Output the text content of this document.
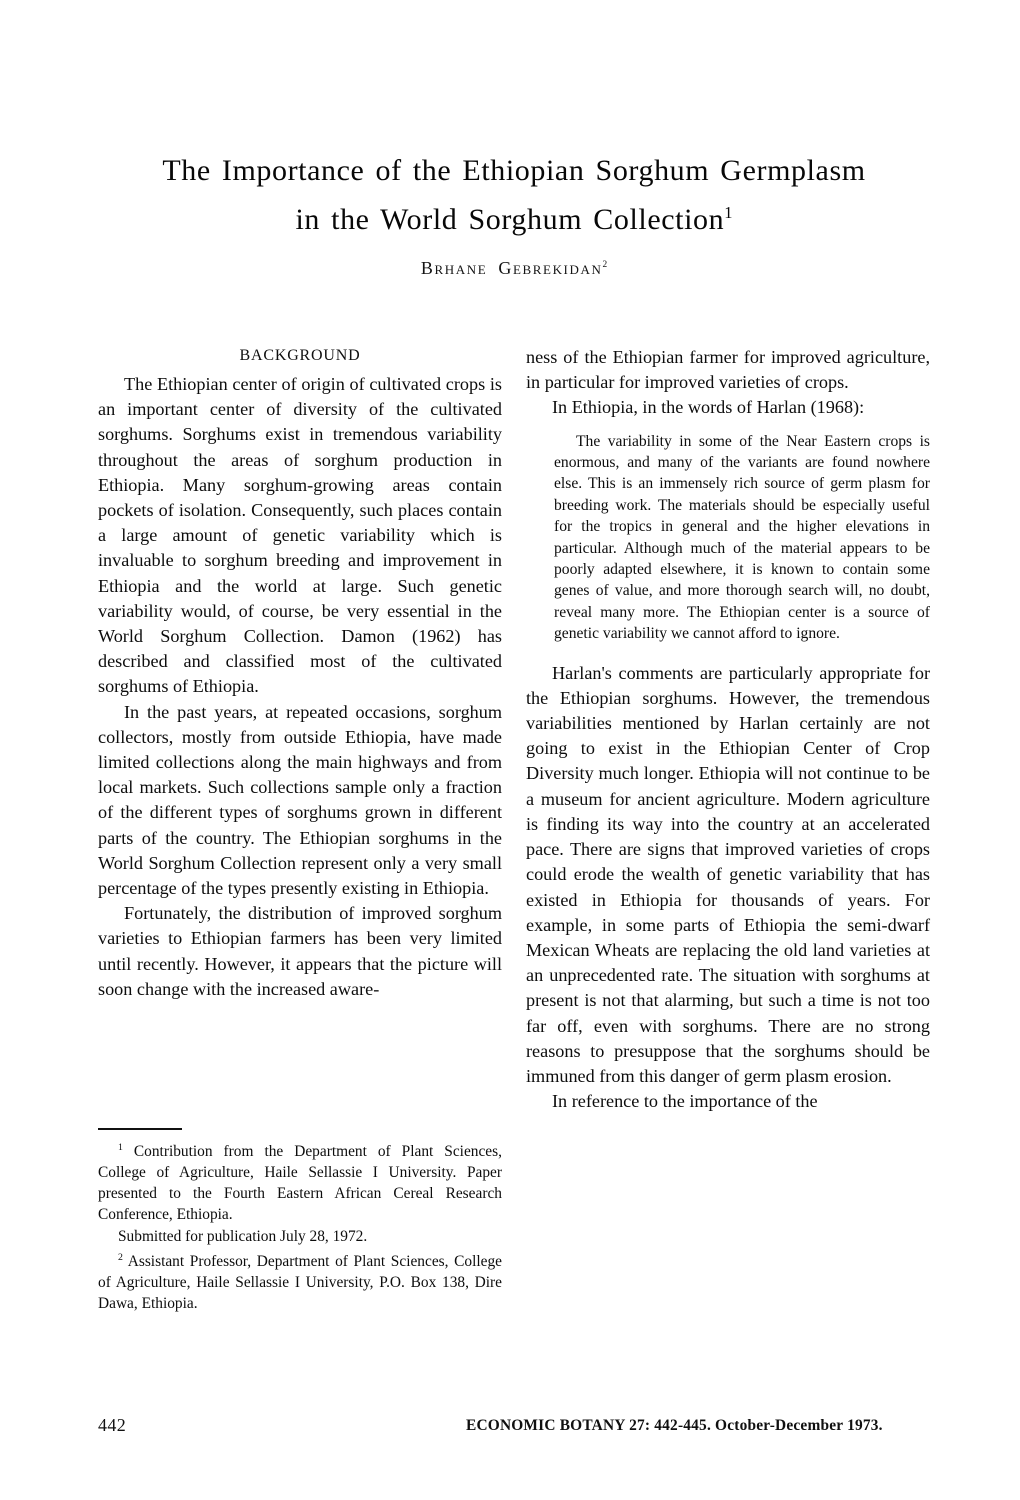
The Importance of the Ethiopian Sorghum Germplasm
in the World Sorghum Collection$^1$
Brhane Gebrekidan$^2$
BACKGROUND

The Ethiopian center of origin of cultivated crops is an important center of diversity of the cultivated sorghums. Sorghums exist in tremendous variability throughout the areas of sorghum production in Ethiopia. Many sorghum-growing areas contain pockets of isolation. Consequently, such places contain a large amount of genetic variability which is invaluable to sorghum breeding and improvement in Ethiopia and the world at large. Such genetic variability would, of course, be very essential in the World Sorghum Collection. Damon (1962) has described and classified most of the cultivated sorghums of Ethiopia.

In the past years, at repeated occasions, sorghum collectors, mostly from outside Ethiopia, have made limited collections along the main highways and from local markets. Such collections sample only a fraction of the different types of sorghums grown in different parts of the country. The Ethiopian sorghums in the World Sorghum Collection represent only a very small percentage of the types presently existing in Ethiopia.

Fortunately, the distribution of improved sorghum varieties to Ethiopian farmers has been very limited until recently. However, it appears that the picture will soon change with the increased aware-

ness of the Ethiopian farmer for improved agriculture, in particular for improved varieties of crops.

In Ethiopia, in the words of Harlan (1968):

The variability in some of the Near Eastern crops is enormous, and many of the variants are found nowhere else. This is an immensely rich source of germ plasm for breeding work. The materials should be especially useful for the tropics in general and the higher elevations in particular. Although much of the material appears to be poorly adapted elsewhere, it is known to contain some genes of value, and more thorough search will, no doubt, reveal many more. The Ethiopian center is a source of genetic variability we cannot afford to ignore.

Harlan's comments are particularly appropriate for the Ethiopian sorghums. However, the tremendous variabilities mentioned by Harlan certainly are not going to exist in the Ethiopian Center of Crop Diversity much longer. Ethiopia will not continue to be a museum for ancient agriculture. Modern agriculture is finding its way into the country at an accelerated pace. There are signs that improved varieties of crops could erode the wealth of genetic variability that has existed in Ethiopia for thousands of years. For example, in some parts of Ethiopia the semi-dwarf Mexican Wheats are replacing the old land varieties at an unprecedented rate. The situation with sorghums at present is not that alarming, but such a time is not too far off, even with sorghums. There are no strong reasons to presuppose that the sorghums should be immuned from this danger of germ plasm erosion.

In reference to the importance of the

$^1$ Contribution from the Department of Plant Sciences, College of Agriculture, Haile Sellassie I University. Paper presented to the Fourth Eastern African Cereal Research Conference, Ethiopia.

Submitted for publication July 28, 1972.

$^2$ Assistant Professor, Department of Plant Sciences, College of Agriculture, Haile Sellassie I University, P.O. Box 138, Dire Dawa, Ethiopia.

442	ECONOMIC BOTANY 27: 442-445. October-December 1973.
